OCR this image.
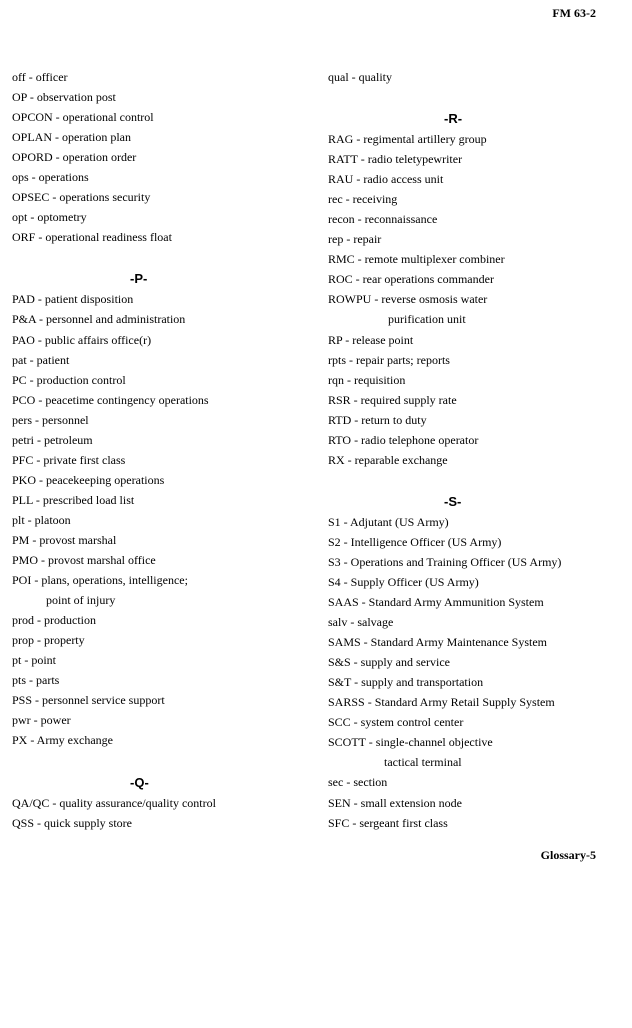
FM 63-2
off - officer
OP - observation post
OPCON - operational control
OPLAN - operation plan
OPORD - operation order
ops - operations
OPSEC - operations security
opt - optometry
ORF - operational readiness float
-P-
PAD - patient disposition
P&A - personnel and administration
PAO - public affairs office(r)
pat - patient
PC - production control
PCO - peacetime contingency operations
pers - personnel
petri - petroleum
PFC - private first class
PKO - peacekeeping operations
PLL - prescribed load list
plt - platoon
PM - provost marshal
PMO - provost marshal office
POI - plans, operations, intelligence;
point of injury
prod - production
prop - property
pt - point
pts - parts
PSS - personnel service support
pwr - power
PX - Army exchange
-Q-
QA/QC - quality assurance/quality control
QSS - quick supply store
qual - quality
-R-
RAG - regimental artillery group
RATT - radio teletypewriter
RAU - radio access unit
rec - receiving
recon - reconnaissance
rep - repair
RMC - remote multiplexer combiner
ROC - rear operations commander
ROWPU - reverse osmosis water
purification unit
RP - release point
rpts - repair parts; reports
rqn - requisition
RSR - required supply rate
RTD - return to duty
RTO - radio telephone operator
RX - reparable exchange
-S-
S1 - Adjutant (US Army)
S2 - Intelligence Officer (US Army)
S3 - Operations and Training Officer (US Army)
S4 - Supply Officer (US Army)
SAAS - Standard Army Ammunition System
salv - salvage
SAMS - Standard Army Maintenance System
S&S - supply and service
S&T - supply and transportation
SARSS - Standard Army Retail Supply System
SCC - system control center
SCOTT - single-channel objective
tactical terminal
sec - section
SEN - small extension node
SFC - sergeant first class
Glossary-5
